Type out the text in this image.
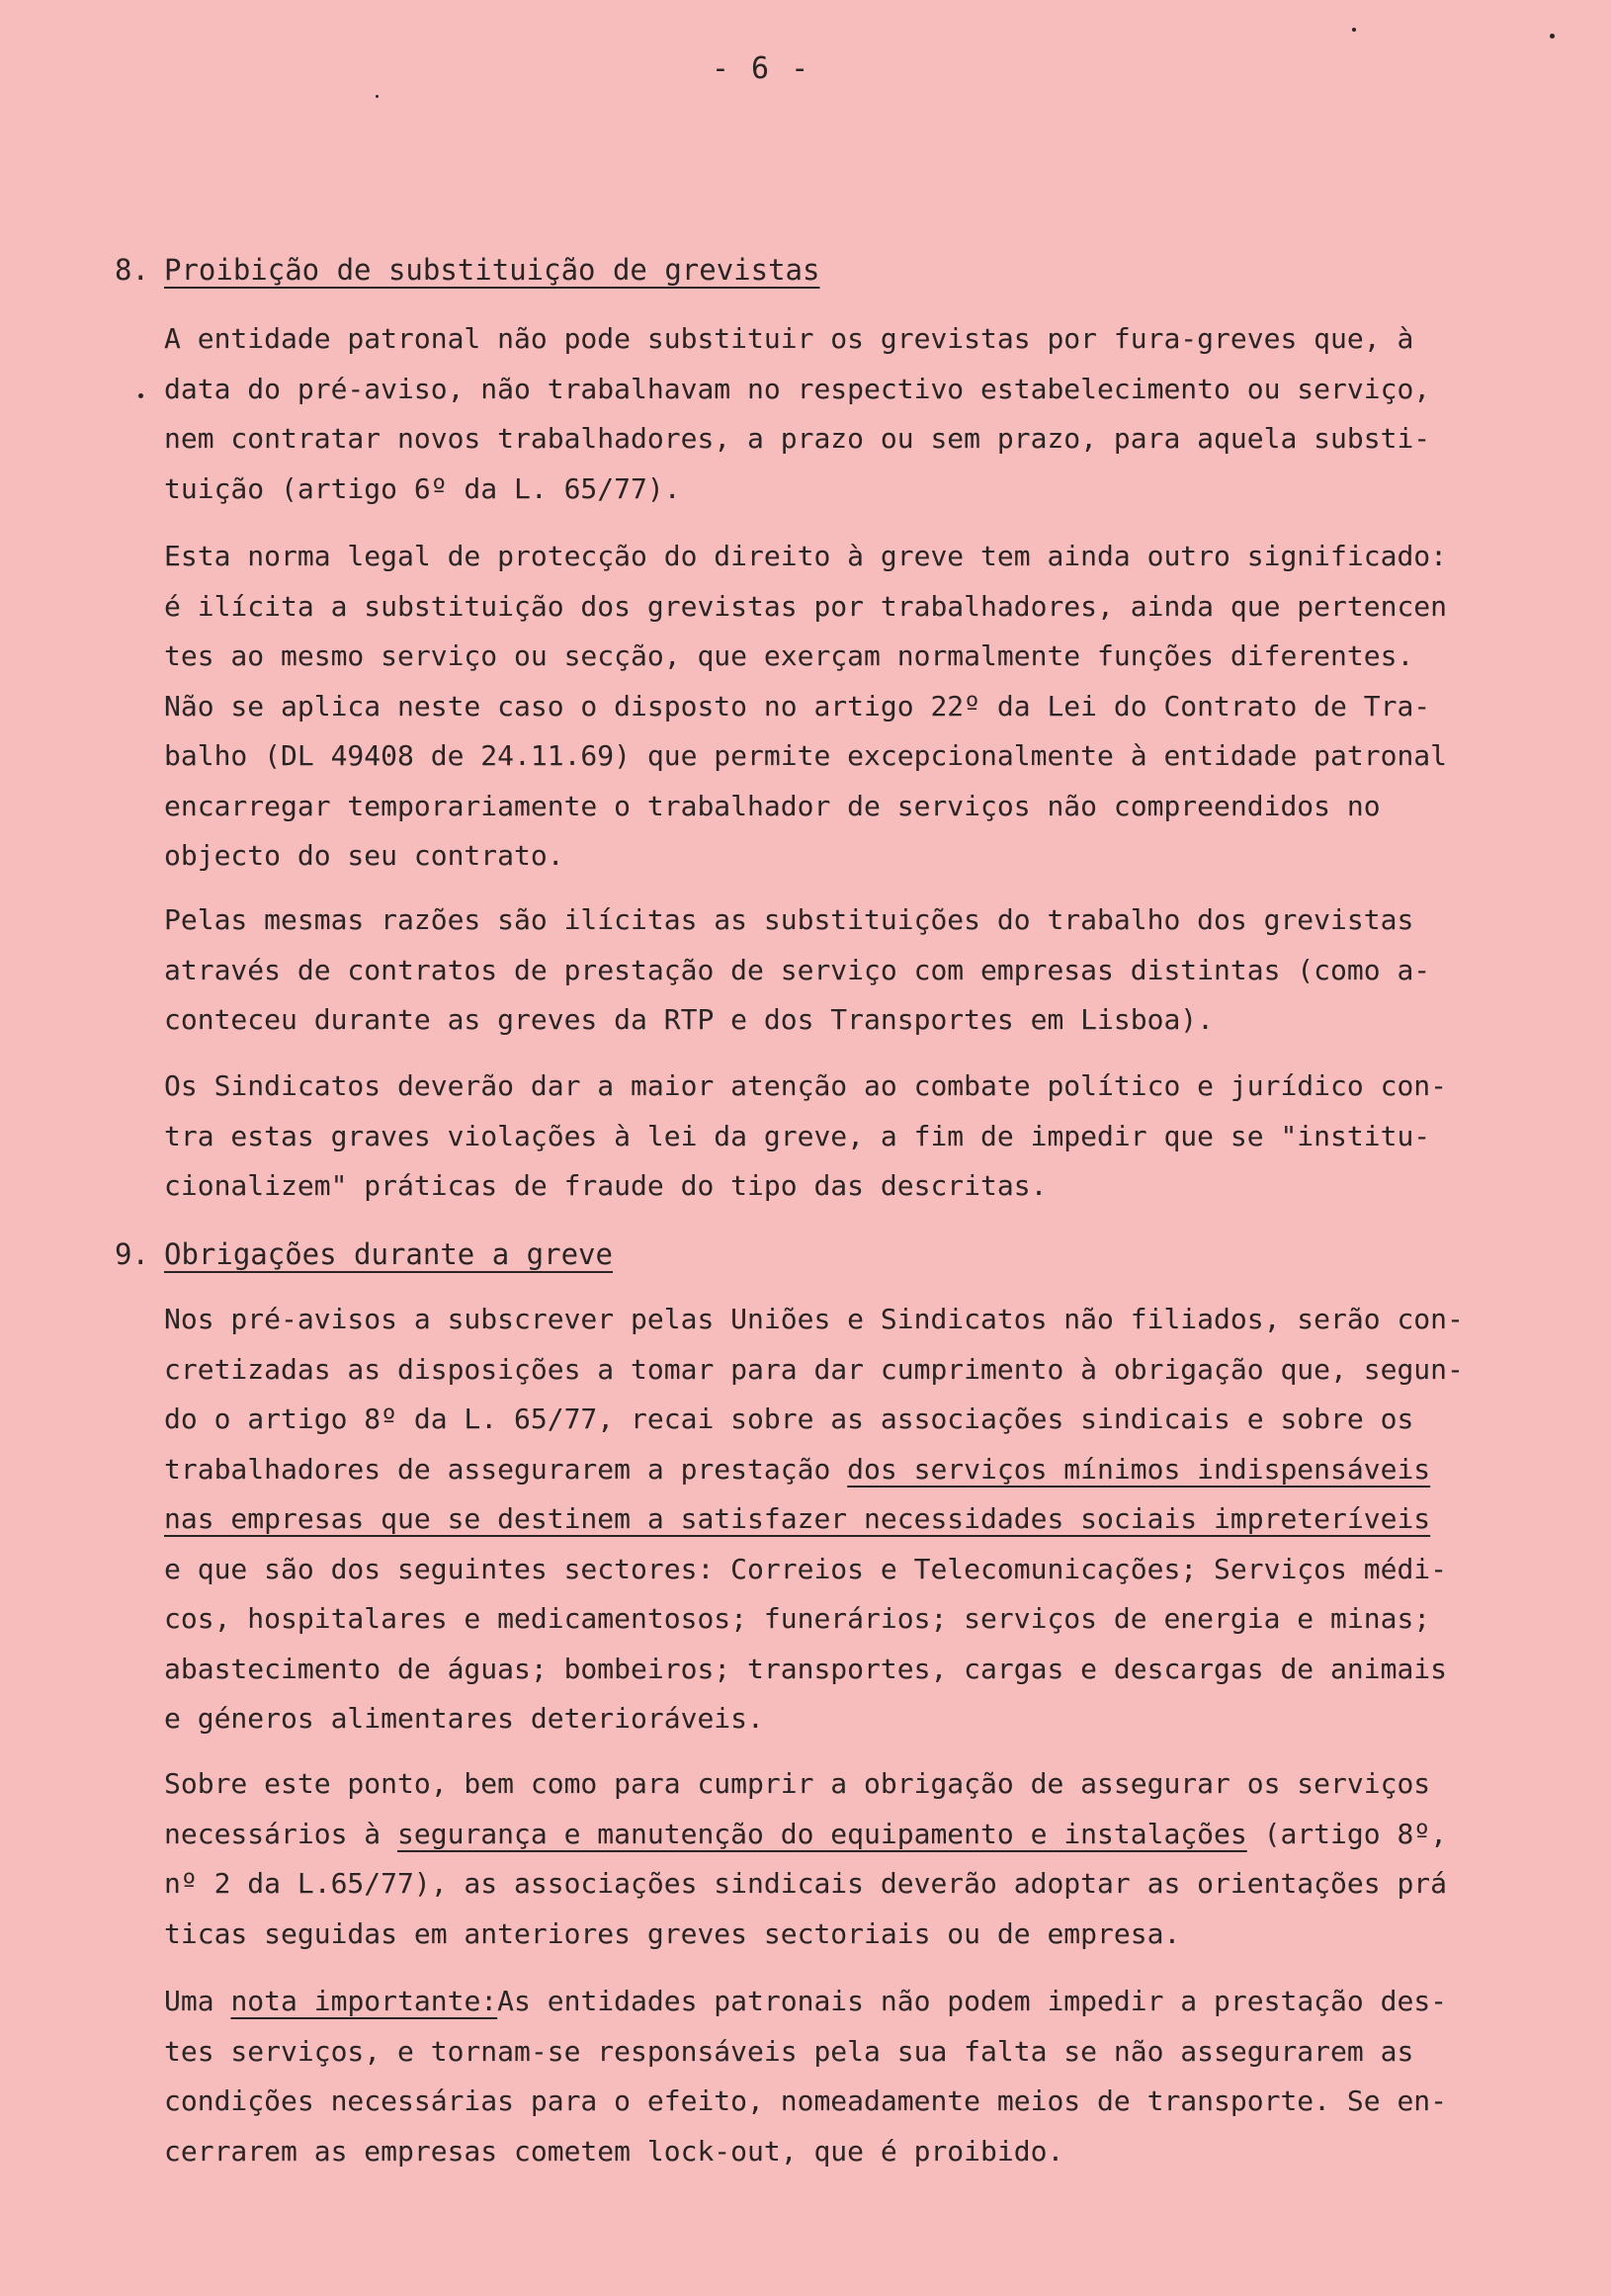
- 6 -
8. Proibição de substituição de grevistas
A entidade patronal não pode substituir os grevistas por fura-greves que, à
data do pré-aviso, não trabalhavam no respectivo estabelecimento ou serviço,
nem contratar novos trabalhadores, a prazo ou sem prazo, para aquela substi-
tuição (artigo 6º da L. 65/77).
Esta norma legal de protecção do direito à greve tem ainda outro significado:
é ilícita a substituição dos grevistas por trabalhadores, ainda que pertencen
tes ao mesmo serviço ou secção, que exerçam normalmente funções diferentes.
Não se aplica neste caso o disposto no artigo 22º da Lei do Contrato de Tra-
balho (DL 49408 de 24.11.69) que permite excepcionalmente à entidade patronal
encarregar temporariamente o trabalhador de serviços não compreendidos no
objecto do seu contrato.
Pelas mesmas razões são ilícitas as substituições do trabalho dos grevistas
através de contratos de prestação de serviço com empresas distintas (como a-
conteceu durante as greves da RTP e dos Transportes em Lisboa).
Os Sindicatos deverão dar a maior atenção ao combate político e jurídico con-
tra estas graves violações à lei da greve, a fim de impedir que se "institu-
cionalizem" práticas de fraude do tipo das descritas.
9. Obrigações durante a greve
Nos pré-avisos a subscrever pelas Uniões e Sindicatos não filiados, serão con-
cretizadas as disposições a tomar para dar cumprimento à obrigação que, segun-
do o artigo 8º da L. 65/77, recai sobre as associações sindicais e sobre os
trabalhadores de assegurarem a prestação dos serviços mínimos indispensáveis
nas empresas que se destinem a satisfazer necessidades sociais impreteríveis
e que são dos seguintes sectores: Correios e Telecomunicações; Serviços médi-
cos, hospitalares e medicamentosos; funerários; serviços de energia e minas;
abastecimento de águas; bombeiros; transportes, cargas e descargas de animais
e géneros alimentares deterioráveis.
Sobre este ponto, bem como para cumprir a obrigação de assegurar os serviços
necessários à segurança e manutenção do equipamento e instalações (artigo 8º,
nº 2 da L.65/77), as associações sindicais deverão adoptar as orientações prá
ticas seguidas em anteriores greves sectoriais ou de empresa.
Uma nota importante:As entidades patronais não podem impedir a prestação des-
tes serviços, e tornam-se responsáveis pela sua falta se não assegurarem as
condições necessárias para o efeito, nomeadamente meios de transporte. Se en-
cerrarem as empresas cometem lock-out, que é proibido.
